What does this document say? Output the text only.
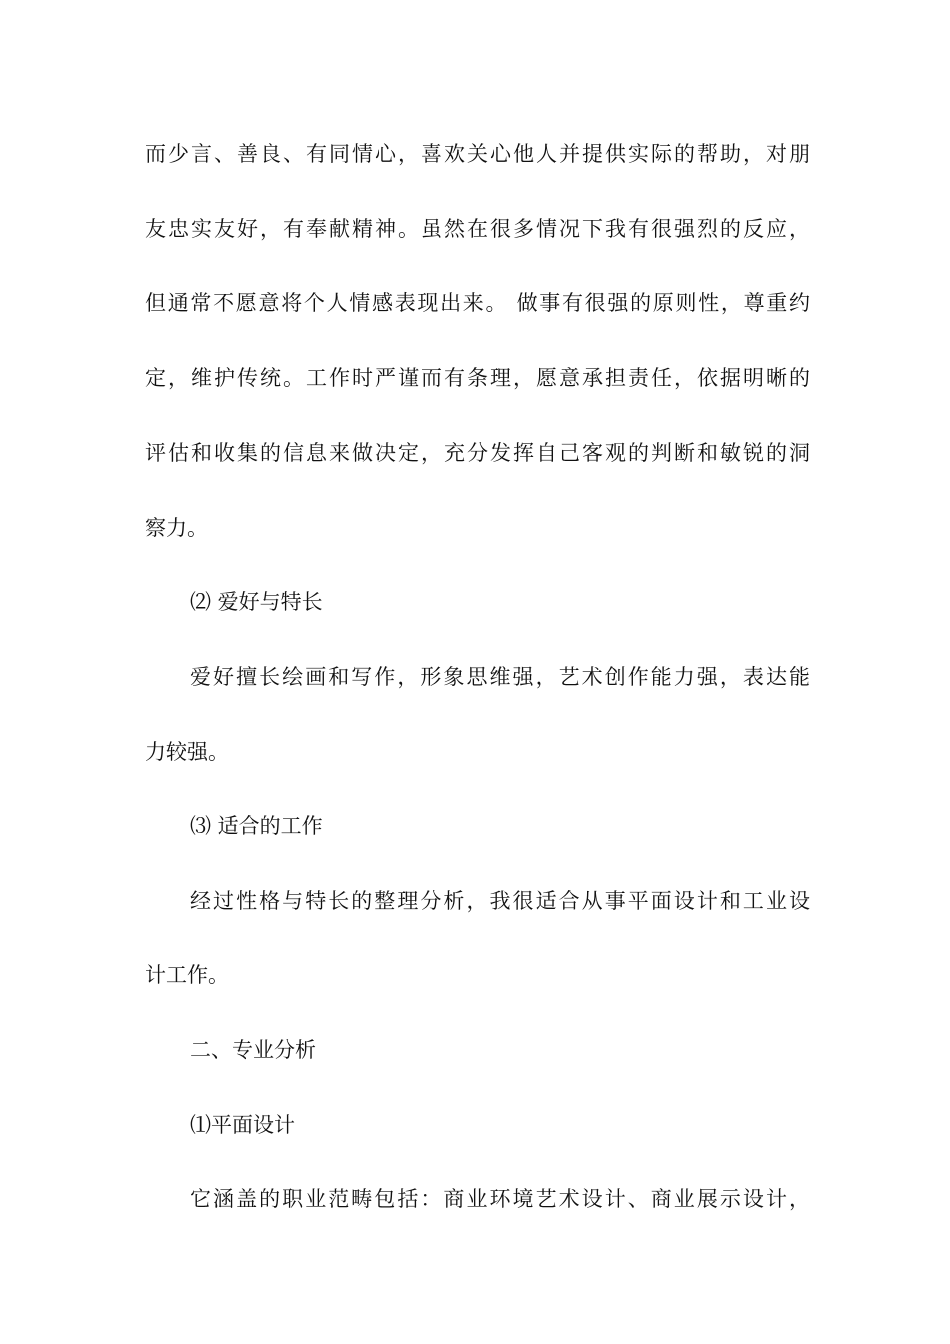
而少言、善良、有同情心，喜欢关心他人并提供实际的帮助，对朋
友忠实友好，有奉献精神。虽然在很多情况下我有很强烈的反应，
但通常不愿意将个人情感表现出来。 做事有很强的原则性，尊重约
定，维护传统。工作时严谨而有条理，愿意承担责任，依据明晰的
评估和收集的信息来做决定，充分发挥自己客观的判断和敏锐的洞
察力。
⑵ 爱好与特长
爱好擅长绘画和写作，形象思维强，艺术创作能力强，表达能
力较强。
⑶ 适合的工作
经过性格与特长的整理分析，我很适合从事平面设计和工业设
计工作。
二、专业分析
⑴平面设计
它涵盖的职业范畴包括：商业环境艺术设计、商业展示设计，
